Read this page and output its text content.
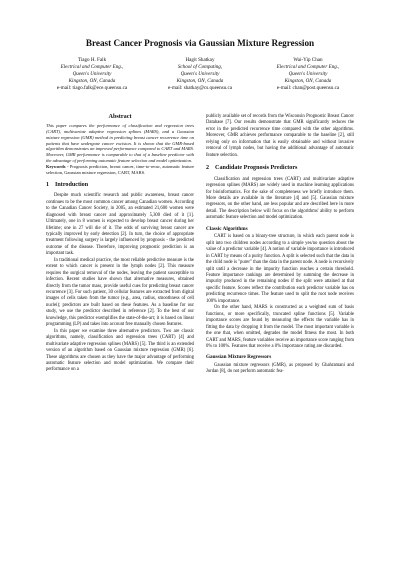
Breast Cancer Prognosis via Gaussian Mixture Regression
Tiago H. Falk
Electrical and Computer Eng.,
Queen's University
Kingston, ON, Canada
e-mail: tiago.falk@ece.queensu.ca
Hagit Shatkay
School of Computing,
Queen's University
Kingston, ON, Canada
e-mail: shatkay@cs.queensu.ca
Wai-Yip Chan
Electrical and Computer Eng.,
Queen's University
Kingston, ON, Canada
e-mail: chan@post.queensu.ca
Abstract
This paper compares the performance of classification and regression trees (CART), multivariate adaptive regression splines (MARS), and a Gaussian mixture regression (GMR) method in predicting breast cancer recurrence time on patients that have undergone cancer excision. It is shown that the GMR-based algorithm demonstrates an improved performance compared to CART and MARS. Moreover, GMR performance is comparable to that of a baseline predictor with the advantage of performing automatic feature selection and model optimization.
Keywords - Prognosis prediction, breast cancer, time-to-recur, automatic feature selection, Gaussian mixture regression, CART, MARS.
1 Introduction
Despite much scientific research and public awareness, breast cancer continues to be the most common cancer among Canadian women. According to the Canadian Cancer Society, in 2005, an estimated 21,600 women were diagnosed with breast cancer and approximately 5,300 died of it [1]. Ultimately, one in 8 women is expected to develop breast cancer during her lifetime; one in 27 will die of it. The odds of surviving breast cancer are typically improved by early detection [2]. In turn, the choice of appropriate treatment following surgery is largely influenced by prognosis - the predicted outcome of the disease. Therefore, improving prognostic prediction is an important task.
In traditional medical practice, the most reliable predictive measure is the extent to which cancer is present in the lymph nodes [2]. This measure requires the surgical removal of the nodes, leaving the patient susceptible to infection. Recent studies have shown that alternative measures, obtained directly from the tumor mass, provide useful cues for predicting breast cancer recurrence [3]. For such patient, 30 cellular features are extracted from digital images of cells taken from the tumor (e.g., area, radius, smoothness of cell nuclei); predictors are built based on these features. As a baseline for our study, we use the predictor described in reference [2]. To the best of our knowledge, this predictor exemplifies the state-of-the-art; it is based on linear programming (LP) and takes into account free manually chosen features.
In this paper we examine three alternative predictors. Two are classic algorithms, namely, classification and regression trees (CART) [4] and multivariate adaptive regression splines (MARS) [5]. The third is an extended version of an algorithm based on Gaussian mixture regression (GMR) [6]. These algorithms are chosen as they have the major advantage of performing automatic feature selection and model optimization. We compare their performance on a
publicly available set of records from the Wisconsin Prognostic Breast Cancer Database [7]. Our results demonstrate that GMR significantly reduces the error in the predicted recurrence time compared with the other algorithms. Moreover, GMR achieves performance comparable to the baseline [2], still relying only on information that is easily obtainable and without invasive removal of lymph nodes, but having the additional advantage of automatic feature selection.
2 Candidate Prognosis Predictors
Classification and regression trees (CART) and multivariate adaptive regression splines (MARS) are widely used in machine learning applications for bioinformatics. For the sake of completeness we briefly introduce them. More details are available in the literature [4] and [5]. Gaussian mixture regressors, on the other hand, are less popular and are described here in more detail. The description below will focus on the algorithms' ability to perform automatic feature selection and model optimization.
Classic Algorithms
CART is based on a binary-tree structure, in which each parent node is split into two children nodes according to a simple yes/no question about the value of a predictor variable [4]. A notion of variable importance is introduced in CART by means of a purity function. A split is selected such that the data in the child node is "purer" than the data in the parent node. A node is recursively split until a decrease in the impurity function reaches a certain threshold. Feature importance rankings are determined by summing the decrease in impurity produced in the remaining nodes if the split were attained at that specific feature. Scores reflect the contribution each predictor variable has on predicting recurrence times. The feature used to split the root node receives 100% importance.
On the other hand, MARS is constructed as a weighted sum of basis functions, or more specifically, truncated spline functions [5]. Variable importance scores are found by measuring the effects the variable has in fitting the data by dropping it from the model. The most important variable is the one that, when omitted, degrades the model fitness the most. In both CART and MARS, feature variables receive an importance score ranging from 0% to 100%. Features that receive a 0% importance rating are discarded.
Gaussian Mixture Regressors
Gaussian mixture regressors (GMR), as proposed by Ghahramani and Jordan [8], do not perform automatic fea-
